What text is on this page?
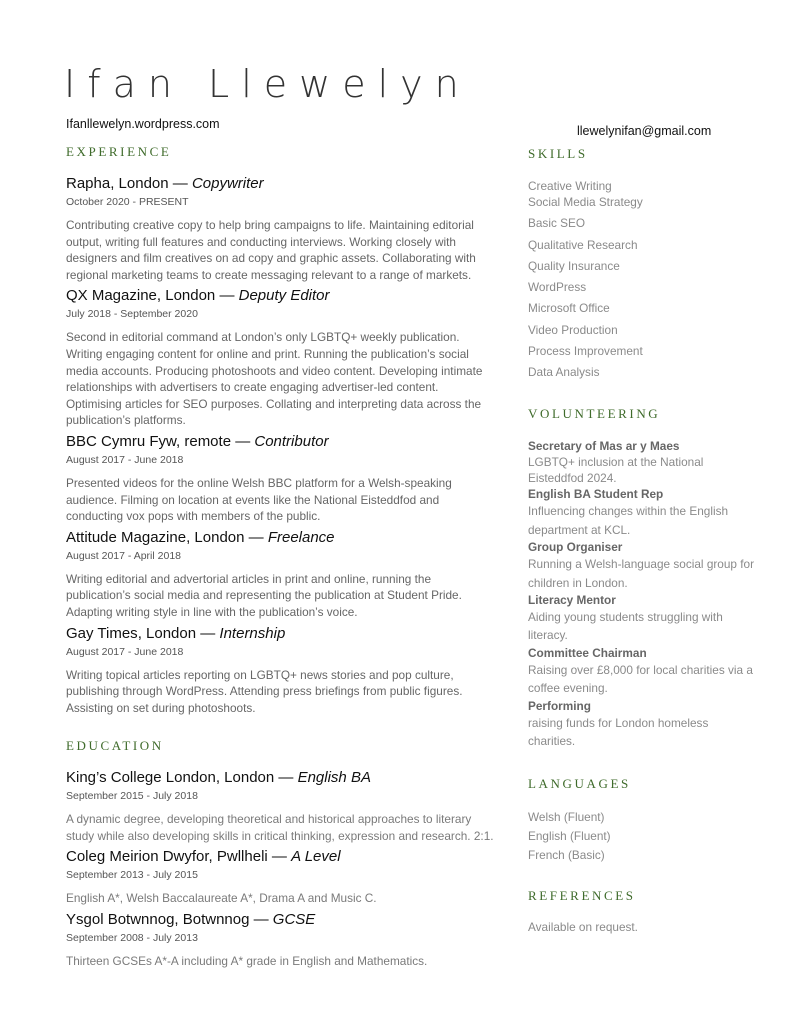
Ifan Llewelyn
Ifanllewelyn.wordpress.com	llewelynifan@gmail.com
EXPERIENCE
Rapha, London — Copywriter
October 2020 - PRESENT
Contributing creative copy to help bring campaigns to life. Maintaining editorial output, writing full features and conducting interviews. Working closely with designers and film creatives on ad copy and graphic assets. Collaborating with regional marketing teams to create messaging relevant to a range of markets.
QX Magazine, London — Deputy Editor
July 2018 - September 2020
Second in editorial command at London’s only LGBTQ+ weekly publication. Writing engaging content for online and print. Running the publication’s social media accounts. Producing photoshoots and video content. Developing intimate relationships with advertisers to create engaging advertiser-led content. Optimising articles for SEO purposes. Collating and interpreting data across the publication’s platforms.
BBC Cymru Fyw, remote — Contributor
August 2017 - June 2018
Presented videos for the online Welsh BBC platform for a Welsh-speaking audience. Filming on location at events like the National Eisteddfod and conducting vox pops with members of the public.
Attitude Magazine, London — Freelance
August 2017 - April 2018
Writing editorial and advertorial articles in print and online, running the publication’s social media and representing the publication at Student Pride. Adapting writing style in line with the publication’s voice.
Gay Times, London — Internship
August 2017 - June 2018
Writing topical articles reporting on LGBTQ+ news stories and pop culture, publishing through WordPress. Attending press briefings from public figures. Assisting on set during photoshoots.
EDUCATION
King’s College London, London — English BA
September 2015 - July 2018
A dynamic degree, developing theoretical and historical approaches to literary study while also developing skills in critical thinking, expression and research. 2:1.
Coleg Meirion Dwyfor, Pwllheli — A Level
September 2013 - July 2015
English A*, Welsh Baccalaureate A*, Drama A and Music C.
Ysgol Botwnnog, Botwnnog — GCSE
September 2008 - July 2013
Thirteen GCSEs A*-A including A* grade in English and Mathematics.
SKILLS
Creative Writing
Social Media Strategy
Basic SEO
Qualitative Research
Quality Insurance
WordPress
Microsoft Office
Video Production
Process Improvement
Data Analysis
VOLUNTEERING
Secretary of Mas ar y Maes
LGBTQ+ inclusion at the National Eisteddfod 2024.
English BA Student Rep
Influencing changes within the English department at KCL.
Group Organiser
Running a Welsh-language social group for children in London.
Literacy Mentor
Aiding young students struggling with literacy.
Committee Chairman
Raising over £8,000 for local charities via a coffee evening.
Performing
raising funds for London homeless charities.
LANGUAGES
Welsh (Fluent)
English (Fluent)
French (Basic)
REFERENCES
Available on request.
